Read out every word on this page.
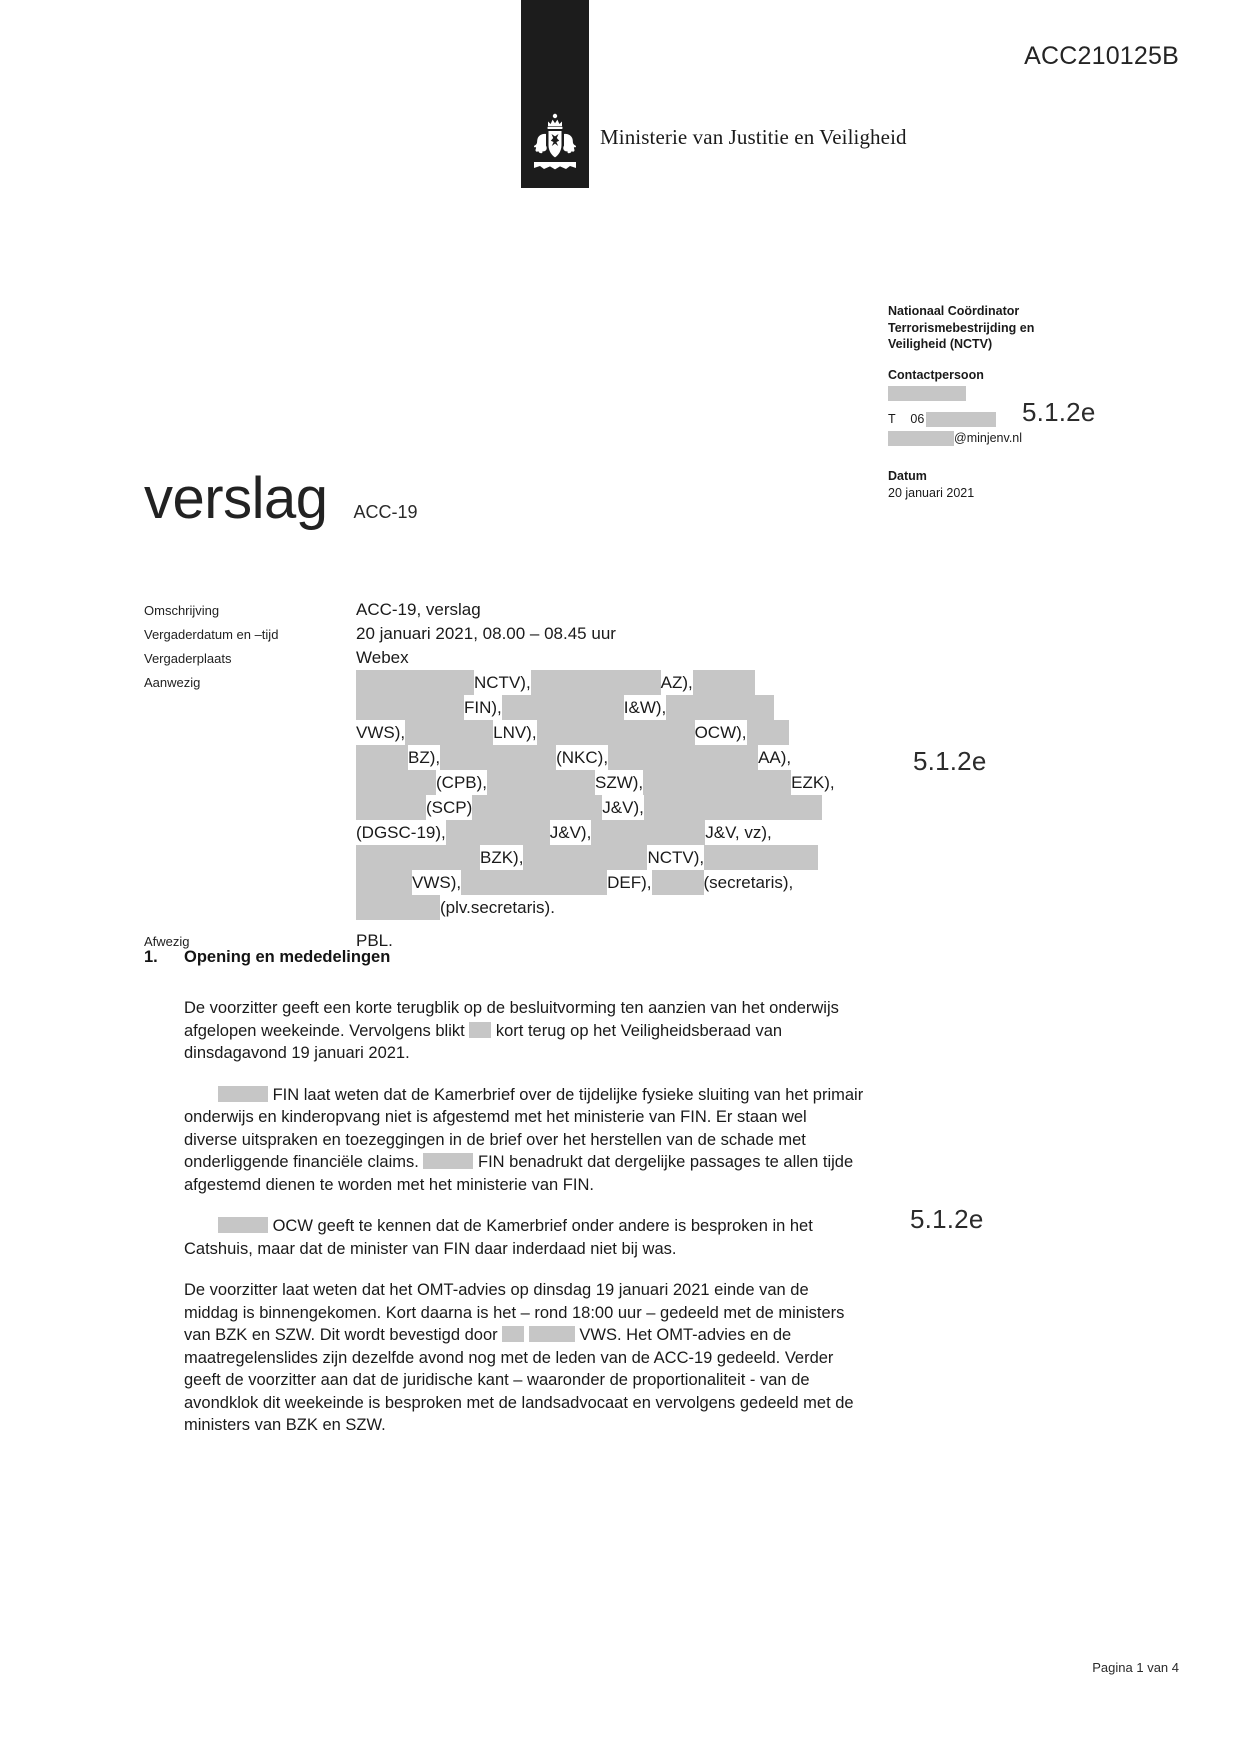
Ministerie van Justitie en Veiligheid
ACC210125B
Nationaal Coördinator
Terrorismebestrijding en
Veiligheid (NCTV)
Contactpersoon
T 06
@minjenv.nl
Datum
20 januari 2021
5.1.2e
5.1.2e
5.1.2e
verslag ACC-19
Omschrijving	ACC-19, verslag
Vergaderdatum en –tijd	20 januari 2021, 08.00 – 08.45 uur
Vergaderplaats	Webex
Aanwezig	NCTV),	AZ),
FIN),	I&W),
VWS),	LNV),	OCW),
BZ),	(NKC),	AA),
(CPB),	SZW),	EZK),
(SCP)	J&V),
(DGSC-19),	J&V),	J&V, vz),
BZK),	NCTV),
VWS),	DEF),	(secretaris),
(plv.secretaris).
Afwezig	PBL.
1.	Opening en mededelingen

De voorzitter geeft een korte terugblik op de besluitvorming ten aanzien van het onderwijs afgelopen weekeinde. Vervolgens blikt  kort terug op het Veiligheidsberaad van dinsdagavond 19 januari 2021.

FIN laat weten dat de Kamerbrief over de tijdelijke fysieke sluiting van het primair onderwijs en kinderopvang niet is afgestemd met het ministerie van FIN. Er staan wel diverse uitspraken en toezeggingen in de brief over het herstellen van de schade met onderliggende financiële claims.	FIN benadrukt dat dergelijke passages te allen tijde afgestemd dienen te worden met het ministerie van FIN.

OCW geeft te kennen dat de Kamerbrief onder andere is besproken in het Catshuis, maar dat de minister van FIN daar inderdaad niet bij was.

De voorzitter laat weten dat het OMT-advies op dinsdag 19 januari 2021 einde van de middag is binnengekomen. Kort daarna is het – rond 18:00 uur – gedeeld met de ministers van BZK en SZW. Dit wordt bevestigd door	VWS. Het OMT-advies en de maatregelenslides zijn dezelfde avond nog met de leden van de ACC-19 gedeeld. Verder geeft de voorzitter aan dat de juridische kant – waaronder de proportionaliteit - van de avondklok dit weekeinde is besproken met de landsadvocaat en vervolgens gedeeld met de ministers van BZK en SZW.

Pagina 1 van 4
